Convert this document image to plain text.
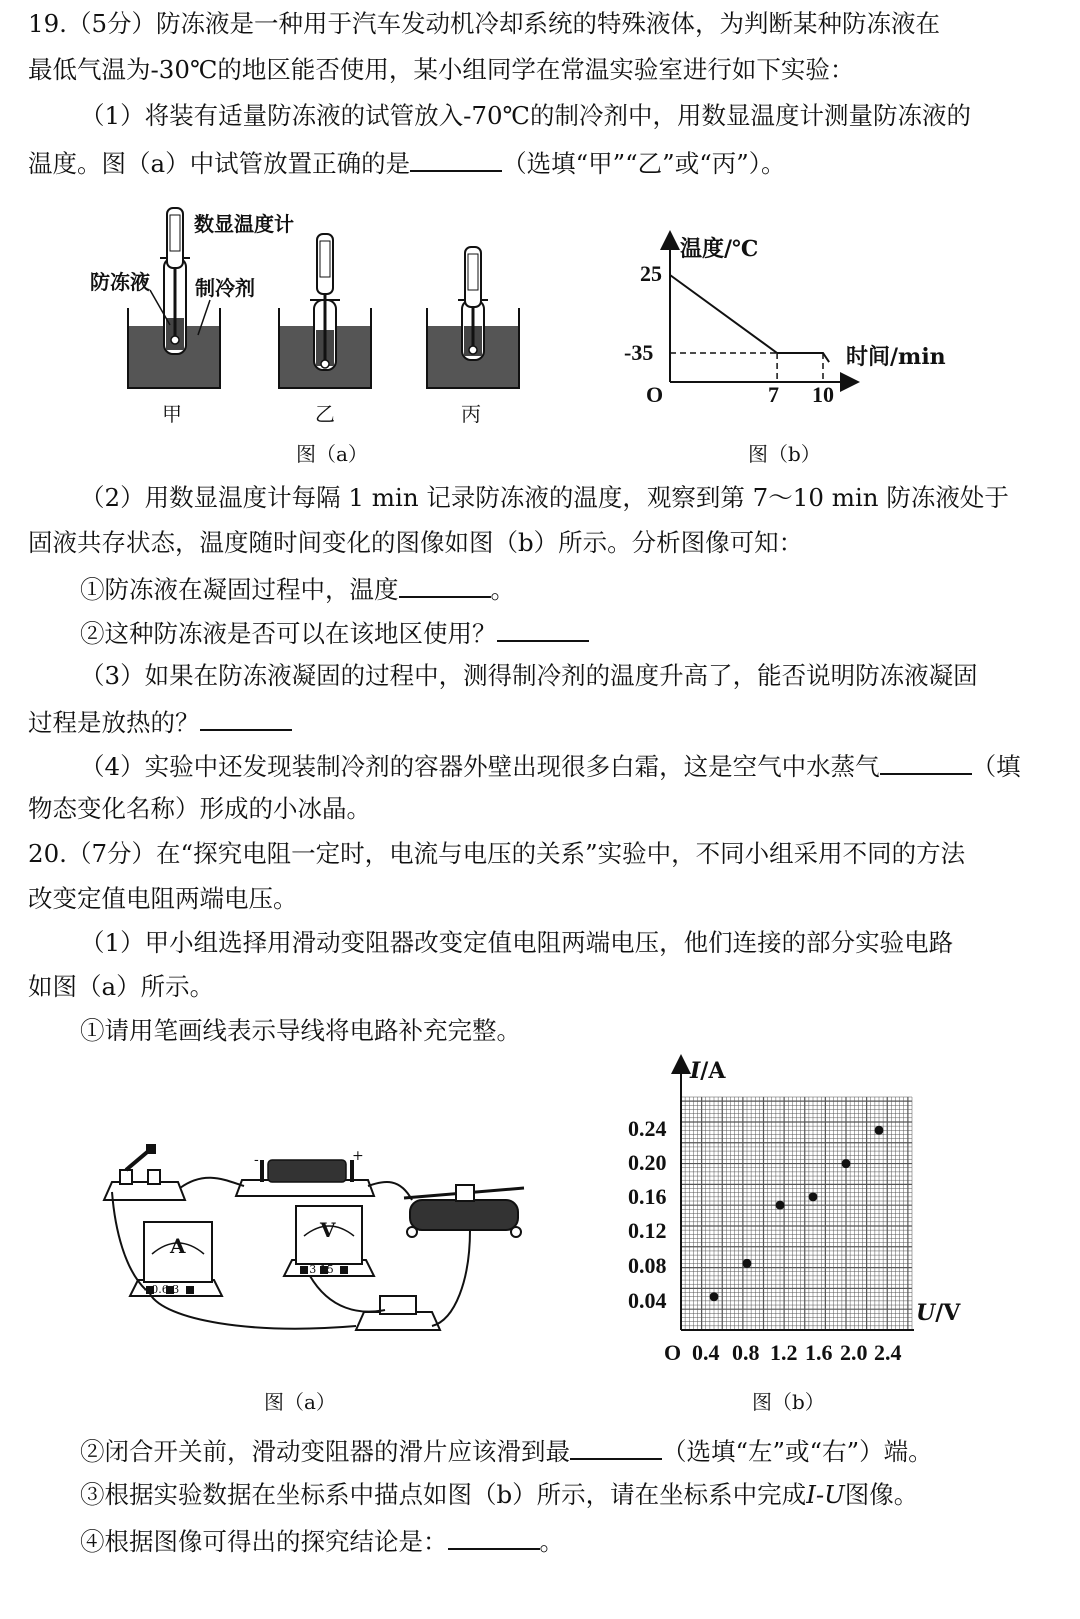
19.（5分）防冻液是一种用于汽车发动机冷却系统的特殊液体，为判断某种防冻液在
最低气温为-30℃的地区能否使用，某小组同学在常温实验室进行如下实验：
（1）将装有适量防冻液的试管放入-70℃的制冷剂中，用数显温度计测量防冻液的
温度。图（a）中试管放置正确的是	（选填“甲”“乙”或“丙”）。
数显温度计
防冻液 制冷剂
甲	乙	丙
图（a）
温度/℃
时间/min
25
-35
O	7 10
图（b）
（2）用数显温度计每隔 1 min 记录防冻液的温度，观察到第 7～10 min 防冻液处于
固液共存状态，温度随时间变化的图像如图（b）所示。分析图像可知：
①防冻液在凝固过程中，温度	。
②这种防冻液是否可以在该地区使用？
（3）如果在防冻液凝固的过程中，测得制冷剂的温度升高了，能否说明防冻液凝固
过程是放热的？
（4）实验中还发现装制冷剂的容器外壁出现很多白霜，这是空气中水蒸气	（填
物态变化名称）形成的小冰晶。
20.（7分）在“探究电阻一定时，电流与电压的关系”实验中，不同小组采用不同的方法
改变定值电阻两端电压。
（1）甲小组选择用滑动变阻器改变定值电阻两端电压，他们连接的部分实验电路
如图（a）所示。
①请用笔画线表示导线将电路补充完整。
-	+
A
V
- 0.6 3
- 3 15
图（a）
I/A
U/V
0.24
0.20
0.16
0.12
0.08
0.04
O 0.4 0.8 1.2 1.6 2.0 2.4
图（b）
②闭合开关前，滑动变阻器的滑片应该滑到最	（选填“左”或“右”）端。
③根据实验数据在坐标系中描点如图（b）所示，请在坐标系中完成I-U图像。
④根据图像可得出的探究结论是：	。
